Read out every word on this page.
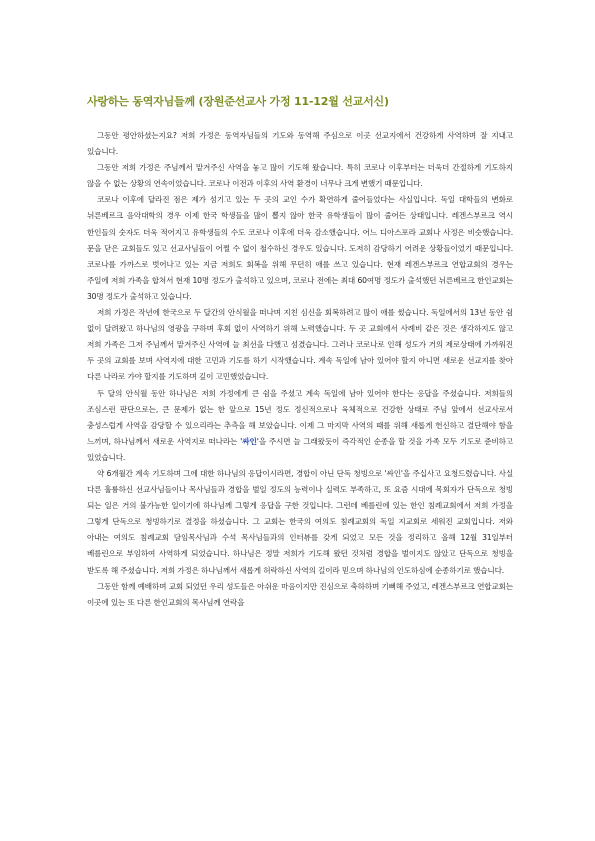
사랑하는 동역자님들께 (장원준선교사 가정 11-12월 선교서신)

그동안 평안하셨는지요? 저희 가정은 동역자님들의 기도와 동역해 주심으로 이곳 선교지에서 건강하게 사역하며 잘 지내고 있습니다.

그동안 저희 가정은 주님께서 맡겨주신 사역을 놓고 많이 기도해 왔습니다. 특히 코로나 이후부터는 더욱더 간절하게 기도하지 않을 수 없는 상황의 연속이었습니다. 코로나 이전과 이후의 사역 환경이 너무나 크게 변했기 때문입니다.

코로나 이후에 달라진 점은 제가 섬기고 있는 두 곳의 교인 수가 확연하게 줄어들었다는 사실입니다. 독일 대학들의 변화로 뉘른베르크 음악대학의 경우 이제 한국 학생들을 많이 뽑지 않아 한국 유학생들이 많이 줄어든 상태입니다. 레겐스부르크 역시 한인들의 숫자도 더욱 적어지고 유학생들의 수도 코로나 이후에 더욱 감소했습니다. 어느 디아스포라 교회나 사정은 비슷했습니다. 문을 닫은 교회들도 있고 선교사님들이 어쩔 수 없이 철수하신 경우도 있습니다. 도저히 감당하기 어려운 상황들이었기 때문입니다. 코로나를 가까스로 벗어나고 있는 지금 저희도 회복을 위해 무던히 애를 쓰고 있습니다. 현재 레겐스부르크 연합교회의 경우는 주일에 저희 가족을 합쳐서 현재 10명 정도가 출석하고 있으며, 코로나 전에는 최대 60여명 정도가 출석했던 뉘른베르크 한인교회는 30명 정도가 출석하고 있습니다.

저희 가정은 작년에 한국으로 두 달간의 안식월을 떠나며 지친 심신을 회복하려고 많이 애를 썼습니다. 독일에서의 13년 동안 쉼 없이 달려왔고 하나님의 영광을 구하며 후회 없이 사역하기 위해 노력했습니다. 두 곳 교회에서 사례비 같은 것은 생각하지도 않고 저희 가족은 그저 주님께서 맡겨주신 사역에 늘 최선을 다했고 섬겼습니다. 그러나 코로나로 인해 성도가 거의 제로상태에 가까워진 두 곳의 교회를 보며 사역지에 대한 고민과 기도를 하기 시작했습니다. 계속 독일에 남아 있어야 할지 아니면 새로운 선교지를 찾아 다른 나라로 가야 할지를 기도하며 깊이 고민했었습니다.

두 달의 안식월 동안 하나님은 저희 가정에게 큰 쉼을 주셨고 계속 독일에 남아 있어야 한다는 응답을 주셨습니다. 저희들의 조심스런 판단으로는, 큰 문제가 없는 한 앞으로 15년 정도 정신적으로나 육체적으로 건강한 상태로 주님 앞에서 선교사로서 충성스럽게 사역을 감당할 수 있으리라는 추측을 해 보았습니다. 이제 그 마지막 사역의 때를 위해 새롭게 헌신하고 결단해야 함을 느끼며, 하나님께서 새로운 사역지로 떠나라는 '싸인'을 주시면 늘 그래왔듯이 즉각적인 순종을 할 것을 가족 모두 기도로 준비하고 있었습니다.

약 6개월간 계속 기도하며 그에 대한 하나님의 응답이시라면, 경합이 아닌 단독 청빙으로 '싸인'을 주십사고 요청드렸습니다. 사실 다른 훌륭하신 선교사님들이나 목사님들과 경합을 벌일 정도의 능력이나 실력도 부족하고, 또 요즘 시대에 목회자가 단독으로 청빙 되는 일은 거의 불가능한 일이기에 하나님께 그렇게 응답을 구한 것입니다. 그런데 베를린에 있는 한인 침례교회에서 저희 가정을 그렇게 단독으로 청빙하기로 결정을 하셨습니다. 그 교회는 한국의 여의도 침례교회의 독일 지교회로 세워진 교회입니다. 저와 아내는 여의도 침례교회 담임목사님과 수석 목사님들과의 인터뷰를 갖게 되었고 모든 것을 정리하고 올해 12월 31일부터 베를린으로 부임하여 사역하게 되었습니다. 하나님은 정말 저희가 기도해 왔던 것처럼 경합을 벌이지도 않았고 단독으로 청빙을 받도록 해 주셨습니다. 저희 가정은 하나님께서 새롭게 허락하신 사역의 길이라 믿으며 하나님의 인도하심에 순종하기로 했습니다.

그동안 함께 예배하며 교회 되었던 우리 성도들은 아쉬운 마음이지만 진심으로 축하하며 기뻐해 주었고, 레겐스부르크 연합교회는 이곳에 있는 또 다른 한인교회의 목사님께 연락을
